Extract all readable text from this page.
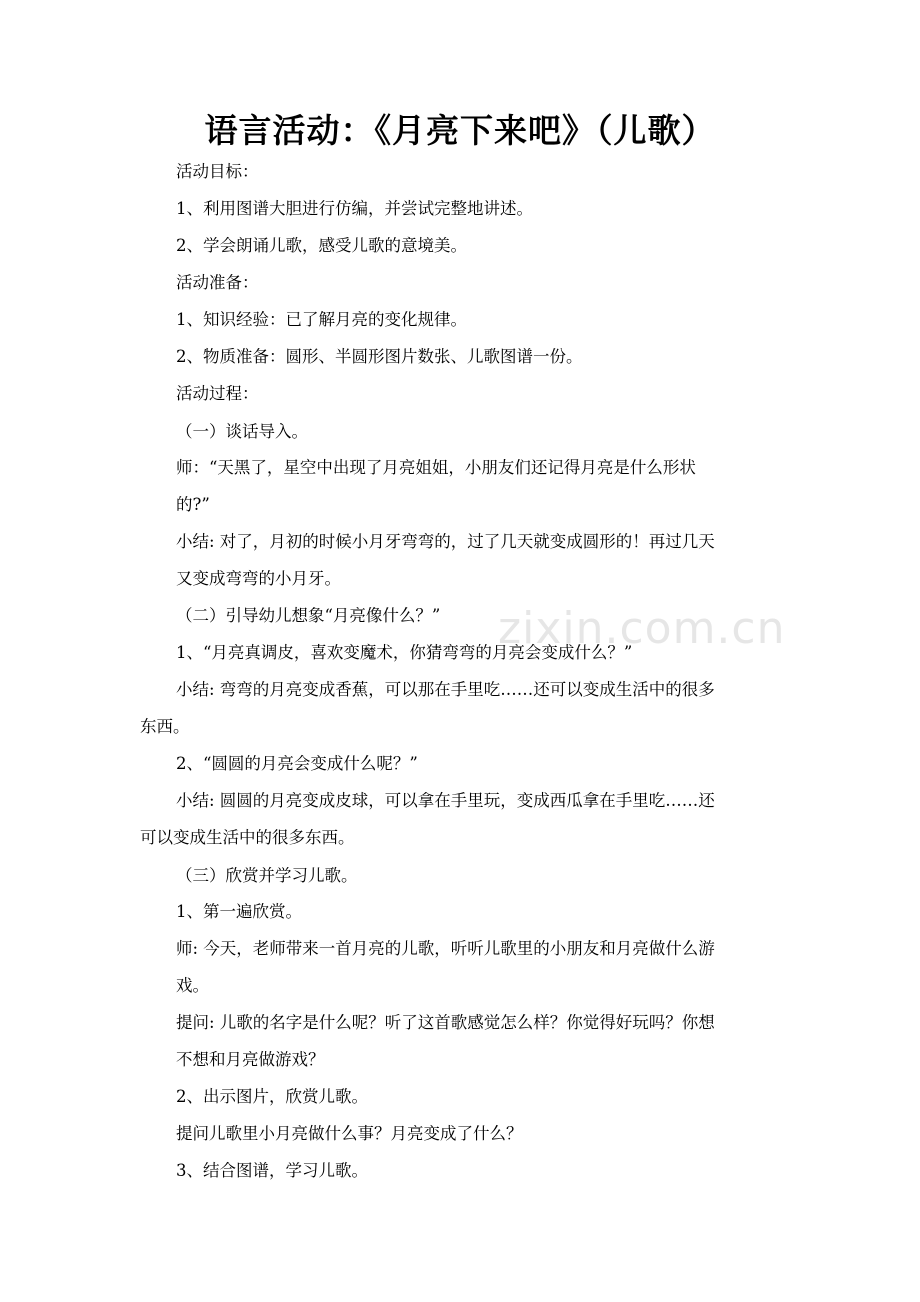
语言活动：《月亮下来吧》（儿歌）
活动目标：
1、利用图谱大胆进行仿编，并尝试完整地讲述。
2、学会朗诵儿歌，感受儿歌的意境美。
活动准备：
1、知识经验：已了解月亮的变化规律。
2、物质准备：圆形、半圆形图片数张、儿歌图谱一份。
活动过程：
（一）谈话导入。
师：“天黑了，星空中出现了月亮姐姐，小朋友们还记得月亮是什么形状
的?”
小结: 对了，月初的时候小月牙弯弯的，过了几天就变成圆形的！再过几天
又变成弯弯的小月牙。
（二）引导幼儿想象“月亮像什么？”
1、“月亮真调皮，喜欢变魔术，你猜弯弯的月亮会变成什么？”
小结: 弯弯的月亮变成香蕉，可以那在手里吃……还可以变成生活中的很多
东西。
2、“圆圆的月亮会变成什么呢？”
小结: 圆圆的月亮变成皮球，可以拿在手里玩，变成西瓜拿在手里吃……还
可以变成生活中的很多东西。
（三）欣赏并学习儿歌。
1、第一遍欣赏。
师: 今天，老师带来一首月亮的儿歌，听听儿歌里的小朋友和月亮做什么游
戏。
提问: 儿歌的名字是什么呢？听了这首歌感觉怎么样？你觉得好玩吗？你想
不想和月亮做游戏？
2、出示图片，欣赏儿歌。
提问儿歌里小月亮做什么事？月亮变成了什么？
3、结合图谱，学习儿歌。
zixin.com.cn
